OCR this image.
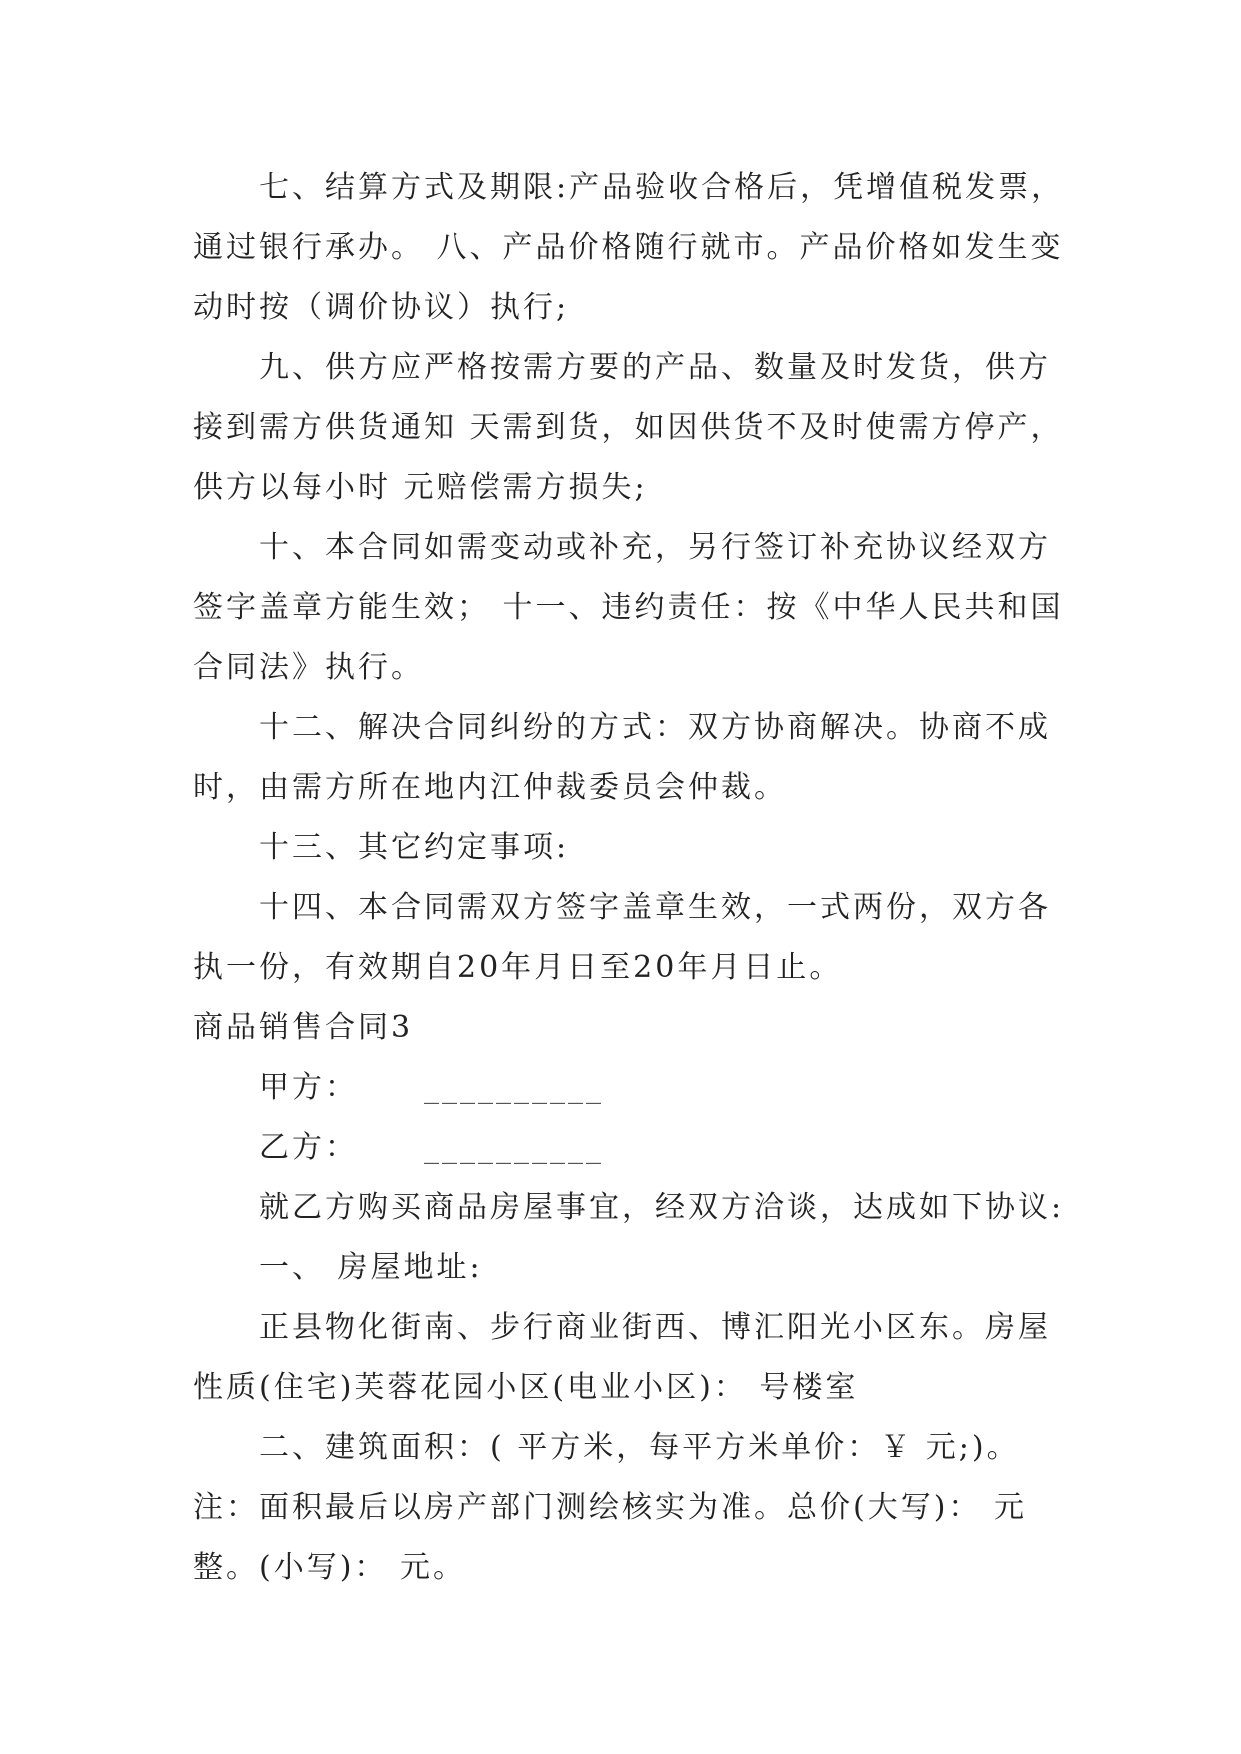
七、结算方式及期限:产品验收合格后，凭增值税发票，通过银行承办。 八、产品价格随行就市。产品价格如发生变动时按（调价协议）执行;

九、供方应严格按需方要的产品、数量及时发货，供方接到需方供货通知 天需到货，如因供货不及时使需方停产，供方以每小时 元赔偿需方损失;

十、本合同如需变动或补充，另行签订补充协议经双方签字盖章方能生效； 十一、违约责任：按《中华人民共和国合同法》执行。

十二、解决合同纠纷的方式：双方协商解决。协商不成时，由需方所在地内江仲裁委员会仲裁。

十三、其它约定事项:

十四、本合同需双方签字盖章生效，一式两份，双方各执一份，有效期自20年月日至20年月日止。

商品销售合同3

甲方： __________

乙方： __________

就乙方购买商品房屋事宜，经双方洽谈，达成如下协议:

一、 房屋地址:

正县物化街南、步行商业街西、博汇阳光小区东。房屋性质(住宅)芙蓉花园小区(电业小区)： 号楼室

二、建筑面积：( 平方米，每平方米单价：￥ 元;)。注：面积最后以房产部门测绘核实为准。总价(大写)： 元整。(小写)： 元。
